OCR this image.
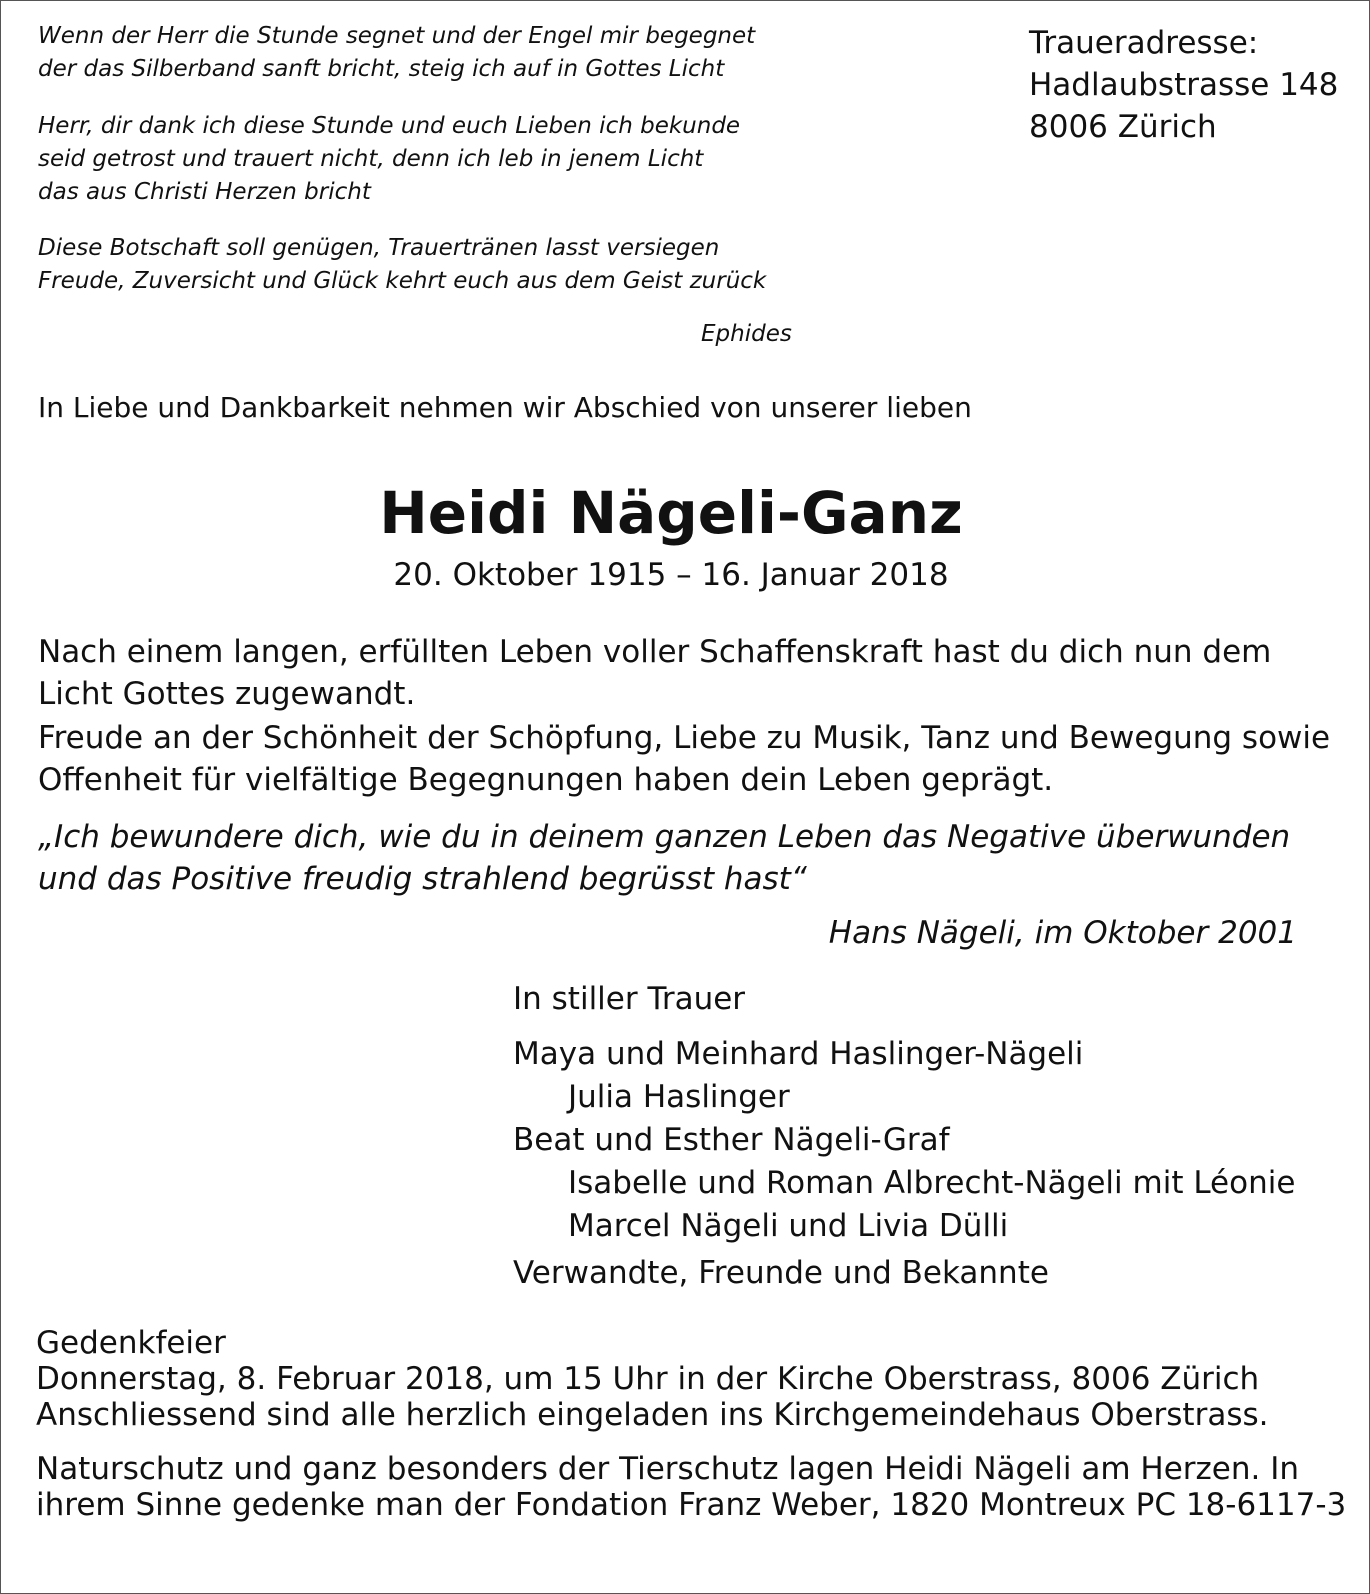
Wenn der Herr die Stunde segnet und der Engel mir begegnet
der das Silberband sanft bricht, steig ich auf in Gottes Licht
Herr, dir dank ich diese Stunde und euch Lieben ich bekunde
seid getrost und trauert nicht, denn ich leb in jenem Licht
das aus Christi Herzen bricht
Diese Botschaft soll genügen, Trauertränen lasst versiegen
Freude, Zuversicht und Glück kehrt euch aus dem Geist zurück
Ephides
Traueradresse:
Hadlaubstrasse 148
8006 Zürich
In Liebe und Dankbarkeit nehmen wir Abschied von unserer lieben
Heidi Nägeli-Ganz
20. Oktober 1915 – 16. Januar 2018
Nach einem langen, erfüllten Leben voller Schaffenskraft hast du dich nun dem
Licht Gottes zugewandt.
Freude an der Schönheit der Schöpfung, Liebe zu Musik, Tanz und Bewegung sowie
Offenheit für vielfältige Begegnungen haben dein Leben geprägt.
„Ich bewundere dich, wie du in deinem ganzen Leben das Negative überwunden
und das Positive freudig strahlend begrüsst hast“
Hans Nägeli, im Oktober 2001
In stiller Trauer
Maya und Meinhard Haslinger-Nägeli
Julia Haslinger
Beat und Esther Nägeli-Graf
Isabelle und Roman Albrecht-Nägeli mit Léonie
Marcel Nägeli und Livia Dülli
Verwandte, Freunde und Bekannte
Gedenkfeier
Donnerstag, 8. Februar 2018, um 15 Uhr in der Kirche Oberstrass, 8006 Zürich
Anschliessend sind alle herzlich eingeladen ins Kirchgemeindehaus Oberstrass.
Naturschutz und ganz besonders der Tierschutz lagen Heidi Nägeli am Herzen. In
ihrem Sinne gedenke man der Fondation Franz Weber, 1820 Montreux PC 18-6117-3
